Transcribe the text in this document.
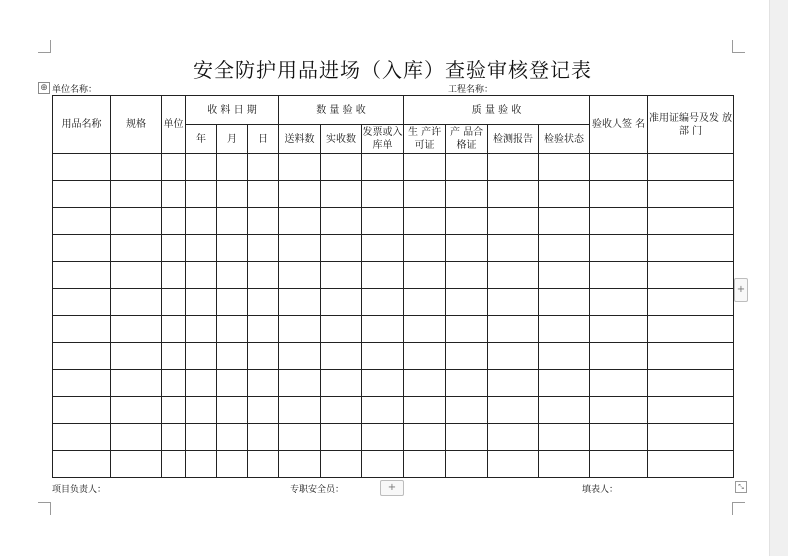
安全防护用品进场（入库）查验审核登记表
⊕ 单位名称：	工程名称：
用品名称	规格	单位	收 料 日 期			数 量 验 收			质 量 验 收				验收人签 名	准用证编号及发 放 部 门
			年	月	日	送料数	实收数	发票或入库单	生 产许可证	产 品合格证	检测报告	检验状态		

+
+	⤡
项目负责人：	专职安全员：	填表人：
